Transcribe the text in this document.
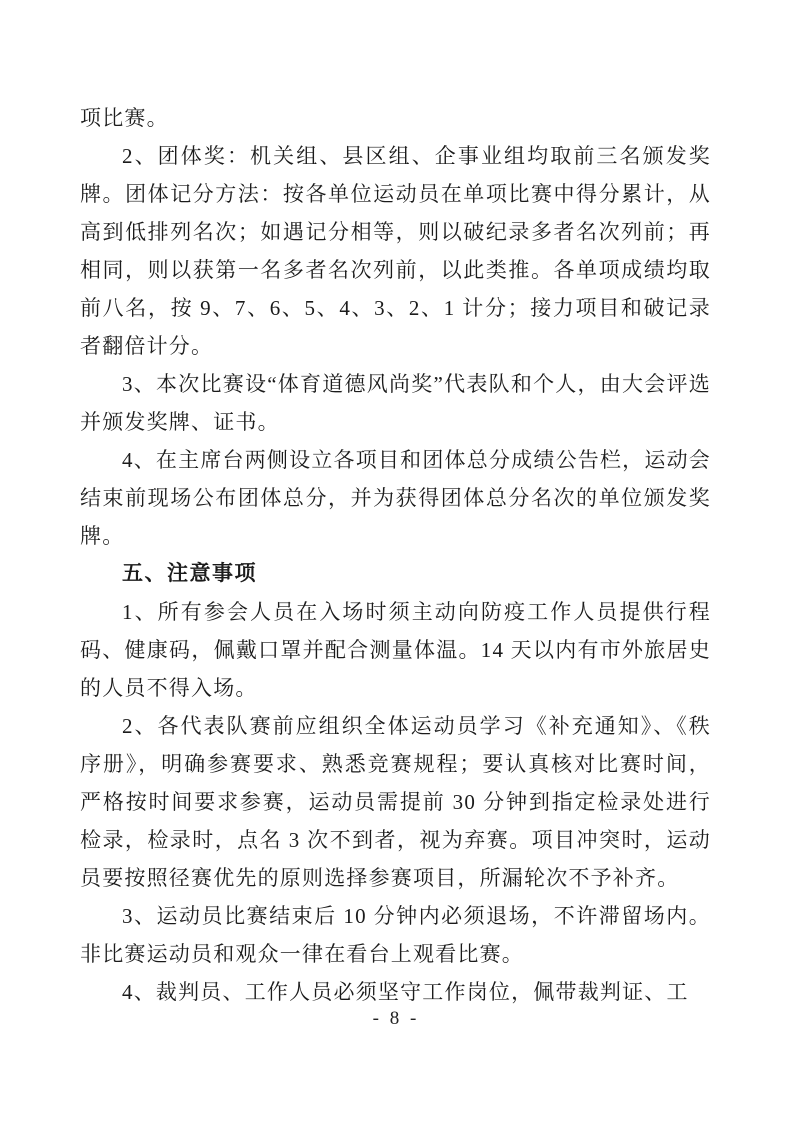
项比赛。

2、团体奖：机关组、县区组、企事业组均取前三名颁发奖牌。团体记分方法：按各单位运动员在单项比赛中得分累计，从高到低排列名次；如遇记分相等，则以破纪录多者名次列前；再相同，则以获第一名多者名次列前，以此类推。各单项成绩均取前八名，按 9、7、6、5、4、3、2、1 计分；接力项目和破记录者翻倍计分。

3、本次比赛设“体育道德风尚奖”代表队和个人，由大会评选并颁发奖牌、证书。

4、在主席台两侧设立各项目和团体总分成绩公告栏，运动会结束前现场公布团体总分，并为获得团体总分名次的单位颁发奖牌。

五、注意事项

1、所有参会人员在入场时须主动向防疫工作人员提供行程码、健康码，佩戴口罩并配合测量体温。14 天以内有市外旅居史的人员不得入场。

2、各代表队赛前应组织全体运动员学习《补充通知》、《秩序册》，明确参赛要求、熟悉竞赛规程；要认真核对比赛时间，严格按时间要求参赛，运动员需提前 30 分钟到指定检录处进行检录，检录时，点名 3 次不到者，视为弃赛。项目冲突时，运动员要按照径赛优先的原则选择参赛项目，所漏轮次不予补齐。

3、运动员比赛结束后 10 分钟内必须退场，不许滞留场内。非比赛运动员和观众一律在看台上观看比赛。

4、裁判员、工作人员必须坚守工作岗位，佩带裁判证、工

- 8 -
